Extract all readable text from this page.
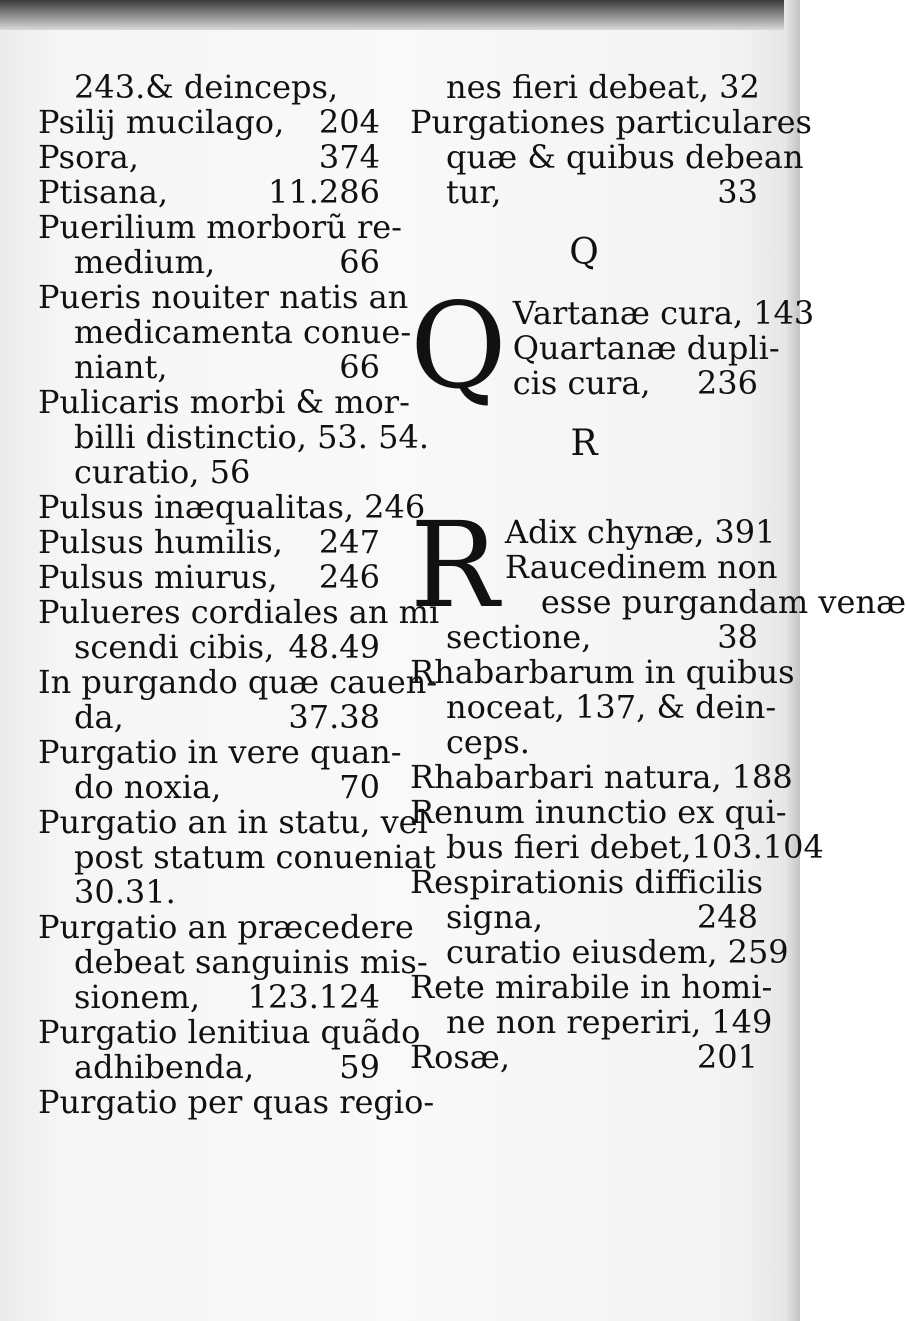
243.& deinceps,
Psilij mucilago,	204
Psora,	374
Ptisana,	11.286
Puerilium morborũ re-
medium,	66
Pueris nouiter natis an
medicamenta conue-
niant,	66
Pulicaris morbi & mor-
billi distinctio, 53. 54.
curatio, 56
Pulsus inæqualitas, 246
Pulsus humilis,	247
Pulsus miurus,	246
Pulueres cordiales an mi
scendi cibis, 48.49
In purgando quæ cauen-
da,	37.38
Purgatio in vere quan-
do noxia,	70
Purgatio an in statu, vel
post statum conueniat
30.31.
Purgatio an præcedere
debeat sanguinis mis-
sionem,	123.124
Purgatio lenitiua quãdo
adhibenda,	59
Purgatio per quas regio-
nes fieri debeat, 32
Purgationes particulares
quæ & quibus debean
tur,	33
Q
Q Vartanæ cura, 143
Quartanæ dupli-
cis cura,	236
R
R Adix chynæ, 391
Raucedinem non
esse purgandam venæ
sectione,	38
Rhabarbarum in quibus
noceat, 137, & dein-
ceps.
Rhabarbari natura, 188
Renum inunctio ex qui-
bus fieri debet,103.104
Respirationis difficilis
signa,	248
curatio eiusdem, 259
Rete mirabile in homi-
ne non reperiri, 149
Rosæ,	201
